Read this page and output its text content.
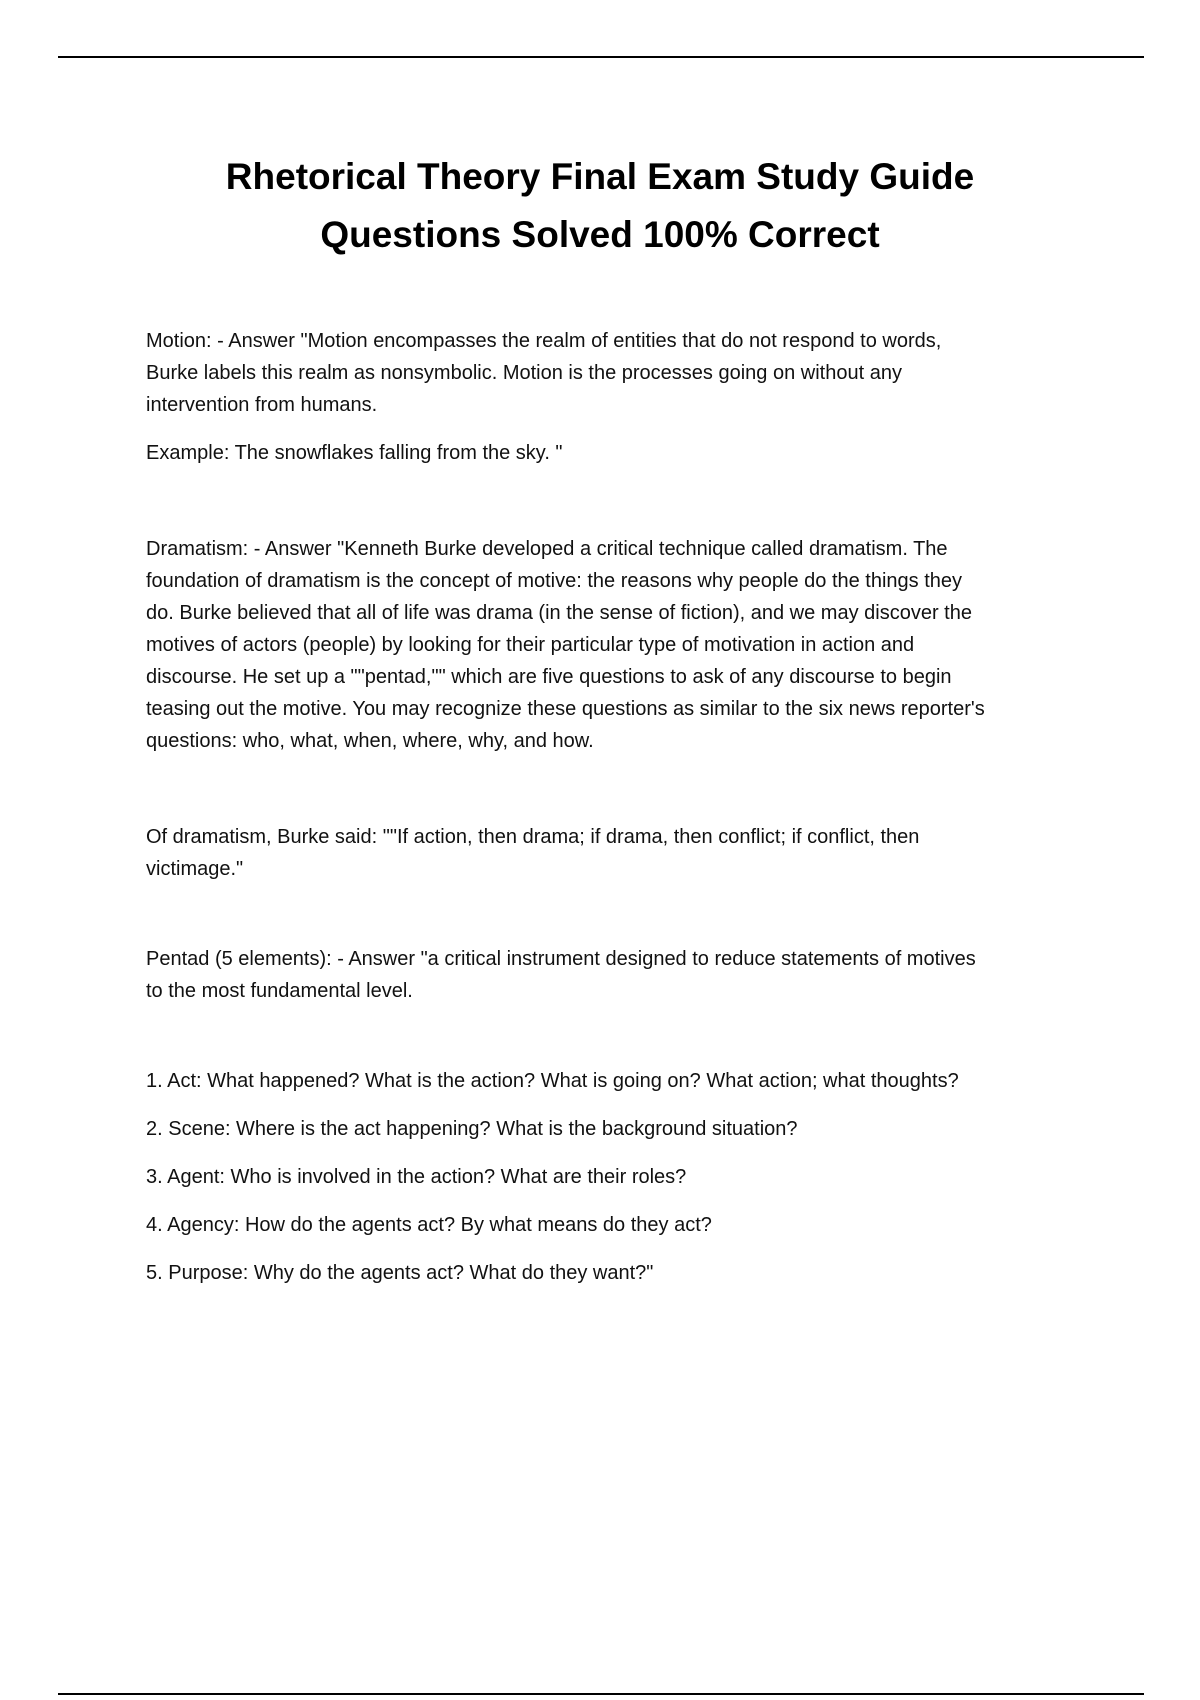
Rhetorical Theory Final Exam Study Guide
Questions Solved 100% Correct

Motion: - Answer "Motion encompasses the realm of entities that do not respond to words,
Burke labels this realm as nonsymbolic. Motion is the processes going on without any
intervention from humans.

Example: The snowflakes falling from the sky. "

Dramatism: - Answer "Kenneth Burke developed a critical technique called dramatism. The
foundation of dramatism is the concept of motive: the reasons why people do the things they
do. Burke believed that all of life was drama (in the sense of fiction), and we may discover the
motives of actors (people) by looking for their particular type of motivation in action and
discourse. He set up a ""pentad,"" which are five questions to ask of any discourse to begin
teasing out the motive. You may recognize these questions as similar to the six news reporter's
questions: who, what, when, where, why, and how.

Of dramatism, Burke said: ""If action, then drama; if drama, then conflict; if conflict, then
victimage."

Pentad (5 elements): - Answer "a critical instrument designed to reduce statements of motives
to the most fundamental level.

1. Act: What happened? What is the action? What is going on? What action; what thoughts?

2. Scene: Where is the act happening? What is the background situation?

3. Agent: Who is involved in the action? What are their roles?

4. Agency: How do the agents act? By what means do they act?

5. Purpose: Why do the agents act? What do they want?"
